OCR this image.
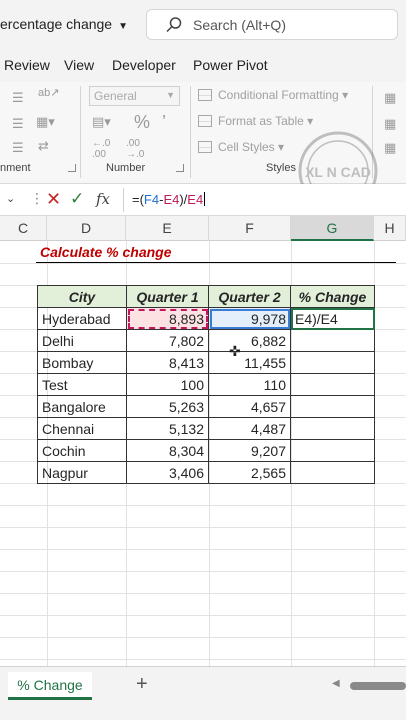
ercentage change ▼	Search (Alt+Q)
Review View Developer Power Pivot
☰ ab↗
☰ ▦▾
☰ ⇄
nment
General	▼
▤▾ % ’
←.0
.00
.00
→.0
Number
Conditional Formatting ▾
Format as Table ▾
Cell Styles ▾
Styles
▦
▦
▦
XL N CAD
⌄ ⋮ ✕ ✓ fx =(F4-E4)/E4
C	D	E	F	G	H
Calculate % change
City	Quarter 1	Quarter 2	% Change
Hyderabad	8,893	9,978	E4)/E4
Delhi	7,802	6,882	
Bombay	8,413	11,455	
Test	100	110	
Bangalore	5,263	4,657	
Chennai	5,132	4,487	
Cochin	8,304	9,207	
Nagpur	3,406	2,565	
✜
% Change	+	◀
